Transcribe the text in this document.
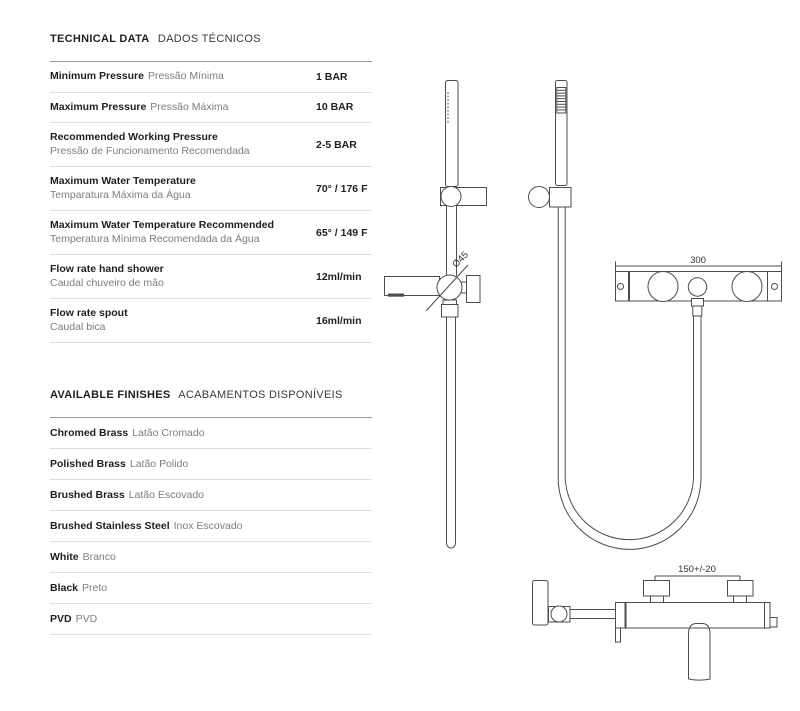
TECHNICAL DATA DADOS TÉCNICOS
Minimum Pressure Pressão Mínima	1 BAR
Maximum Pressure Pressão Máxima	10 BAR
Recommended Working Pressure
Pressão de Funcionamento Recomendada	2-5 BAR
Maximum Water Temperature
Temparatura Máxima da Água	70° / 176 F
Maximum Water Temperature Recommended
Temperatura Mínima Recomendada da Água	65° / 149 F
Flow rate hand shower
Caudal chuveiro de mão	12ml/min
Flow rate spout
Caudal bica	16ml/min
AVAILABLE FINISHES ACABAMENTOS DISPONÍVEIS
Chromed Brass Latão Cromado
Polished Brass Latão Polido
Brushed Brass Latão Escovado
Brushed Stainless Steel Inox Escovado
White Branco
Black Preto
PVD PVD
Ø45	300
150+/-20
